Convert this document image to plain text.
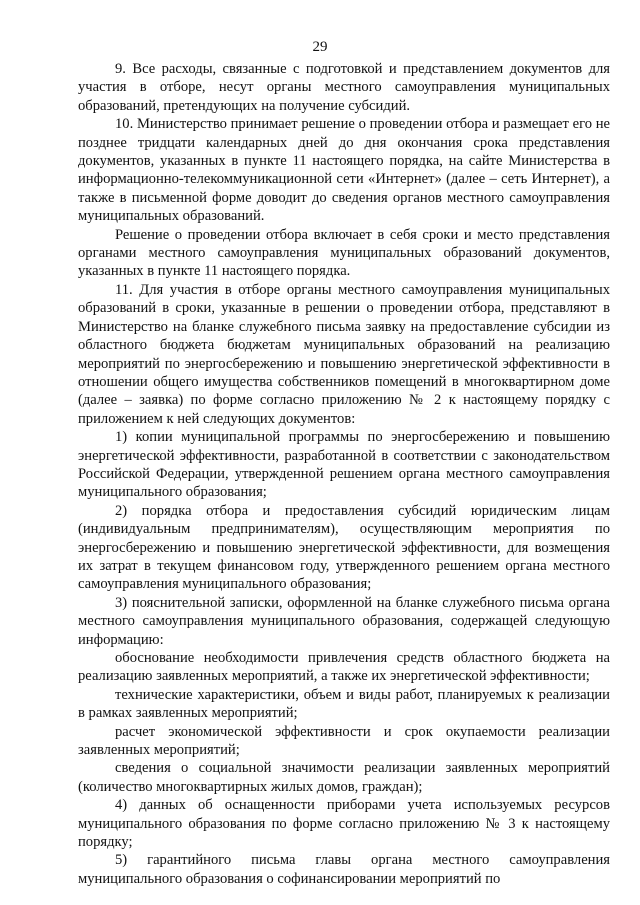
29

9. Все расходы, связанные с подготовкой и представлением документов для участия в отборе, несут органы местного самоуправления муниципальных образований, претендующих на получение субсидий.

10. Министерство принимает решение о проведении отбора и размещает его не позднее тридцати календарных дней до дня окончания срока представления документов, указанных в пункте 11 настоящего порядка, на сайте Министерства в информационно-телекоммуникационной сети «Интернет» (далее – сеть Интернет), а также в письменной форме доводит до сведения органов местного самоуправления муниципальных образований.

Решение о проведении отбора включает в себя сроки и место представления органами местного самоуправления муниципальных образований документов, указанных в пункте 11 настоящего порядка.

11. Для участия в отборе органы местного самоуправления муниципальных образований в сроки, указанные в решении о проведении отбора, представляют в Министерство на бланке служебного письма заявку на предоставление субсидии из областного бюджета бюджетам муниципальных образований на реализацию мероприятий по энергосбережению и повышению энергетической эффективности в отношении общего имущества собственников помещений в многоквартирном доме (далее – заявка) по форме согласно приложению № 2 к настоящему порядку с приложением к ней следующих документов:

1) копии муниципальной программы по энергосбережению и повышению энергетической эффективности, разработанной в соответствии с законодательством Российской Федерации, утвержденной решением органа местного самоуправления муниципального образования;

2) порядка отбора и предоставления субсидий юридическим лицам (индивидуальным предпринимателям), осуществляющим мероприятия по энергосбережению и повышению энергетической эффективности, для возмещения их затрат в текущем финансовом году, утвержденного решением органа местного самоуправления муниципального образования;

3) пояснительной записки, оформленной на бланке служебного письма органа местного самоуправления муниципального образования, содержащей следующую информацию:

обоснование необходимости привлечения средств областного бюджета на реализацию заявленных мероприятий, а также их энергетической эффективности;

технические характеристики, объем и виды работ, планируемых к реализации в рамках заявленных мероприятий;

расчет экономической эффективности и срок окупаемости реализации заявленных мероприятий;

сведения о социальной значимости реализации заявленных мероприятий (количество многоквартирных жилых домов, граждан);

4) данных об оснащенности приборами учета используемых ресурсов муниципального образования по форме согласно приложению № 3 к настоящему порядку;

5) гарантийного письма главы органа местного самоуправления муниципального образования о софинансировании мероприятий по
